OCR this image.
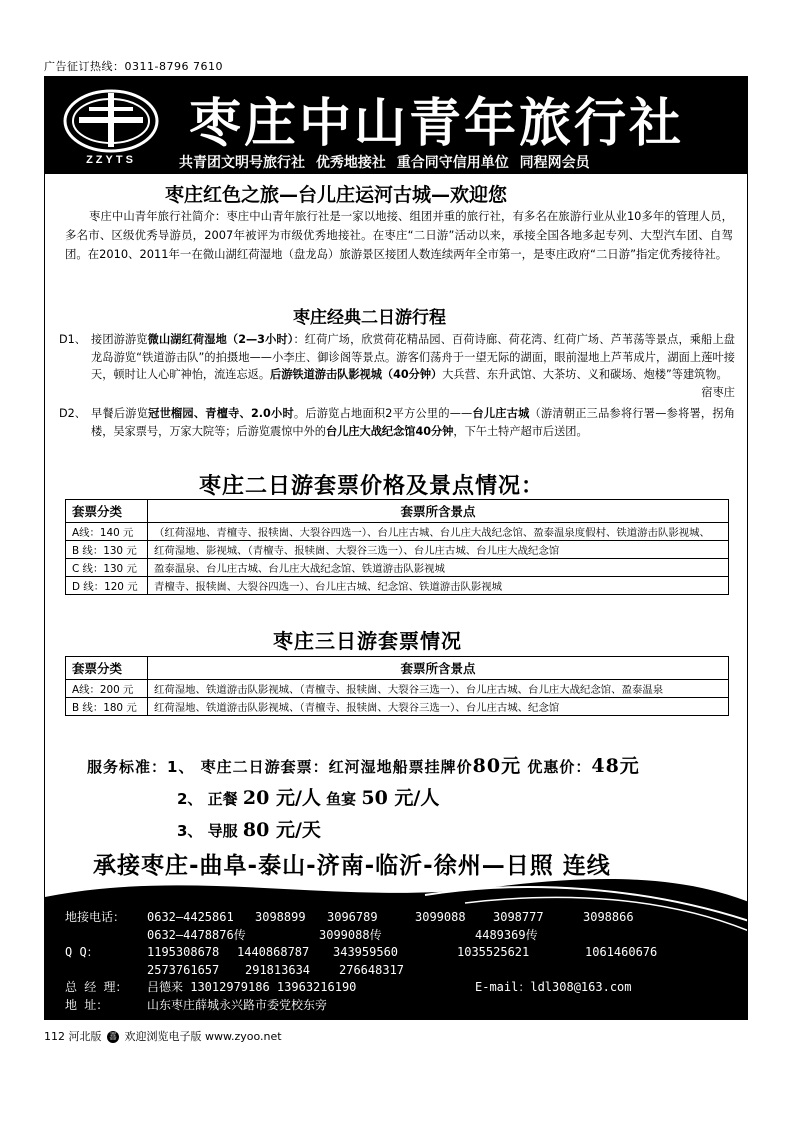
广告征订热线：0311-8796 7610
ZZYTS
枣庄中山青年旅行社
共青团文明号旅行社 优秀地接社 重合同守信用单位 同程网会员
枣庄红色之旅—台儿庄运河古城—欢迎您

枣庄中山青年旅行社简介：枣庄中山青年旅行社是一家以地接、组团并重的旅行社，有多名在旅游行业从业10多年的管理人员，多名市、区级优秀导游员，2007年被评为市级优秀地接社。在枣庄“二日游”活动以来，承接全国各地多起专列、大型汽车团、自驾团。在2010、2011年一在微山湖红荷湿地（盘龙岛）旅游景区接团人数连续两年全市第一，是枣庄政府“二日游”指定优秀接待社。

枣庄经典二日游行程
D1、 接团游游览微山湖红荷湿地（2—3小时）：红荷广场，欣赏荷花精品园、百荷诗廊、荷花湾、红荷广场、芦苇荡等景点，乘船上盘龙岛游览“铁道游击队”的拍摄地——小李庄、御诊阁等景点。游客们荡舟于一望无际的湖面，眼前湿地上芦苇成片，湖面上莲叶接天，顿时让人心旷神怡，流连忘返。后游铁道游击队影视城（40分钟）大兵营、东升武馆、大茶坊、义和碳场、炮楼”等建筑物。
宿枣庄
D2、 早餐后游览冠世榴园、青檀寺、2.0小时。后游览占地面积2平方公里的——台儿庄古城（游清朝正三品参将行署—参将署，拐角楼，吴家票号，万家大院等；后游览震惊中外的台儿庄大战纪念馆40分钟，下午土特产超市后送团。
枣庄二日游套票价格及景点情况：
套票分类	套票所含景点
A线：140 元	（红荷湿地、青檀寺、报犊崮、大裂谷四选一）、台儿庄古城、台儿庄大战纪念馆、盈泰温泉度假村、铁道游击队影视城、
B 线：130 元	红荷湿地、影视城、（青檀寺、报犊崮、大裂谷三选一）、台儿庄古城、台儿庄大战纪念馆
C 线：130 元	盈泰温泉、台儿庄古城、台儿庄大战纪念馆、铁道游击队影视城
D 线：120 元	青檀寺、报犊崮、大裂谷四选一）、台儿庄古城、纪念馆、铁道游击队影视城
枣庄三日游套票情况
套票分类	套票所含景点
A线：200 元	红荷湿地、铁道游击队影视城、（青檀寺、报犊崮、大裂谷三选一）、台儿庄古城、台儿庄大战纪念馆、盈泰温泉
B 线：180 元	红荷湿地、铁道游击队影视城、（青檀寺、报犊崮、大裂谷三选一）、台儿庄古城、纪念馆
服务标准：1、 枣庄二日游套票：红河湿地船票挂牌价80元 优惠价：48元
2、 正餐 20 元/人 鱼宴 50 元/人
3、 导服 80 元/天
承接枣庄-曲阜-泰山-济南-临沂-徐州—日照 连线
地接电话： 0632—4425861 3098899 3096789	3099088 3098777	3098866
0632—4478876传	3099088传	4489369传
Q Q：	1195308678 1440868787 343959560	1035525621	1061460676
2573761657 291813634 276648317
总 经 理： 吕德来 13012979186 13963216190	E-mail：ldl308@163.com
地 址：	山东枣庄薛城永兴路市委党校东旁
112 河北版 喜 欢迎浏览电子版 www.zyoo.net
